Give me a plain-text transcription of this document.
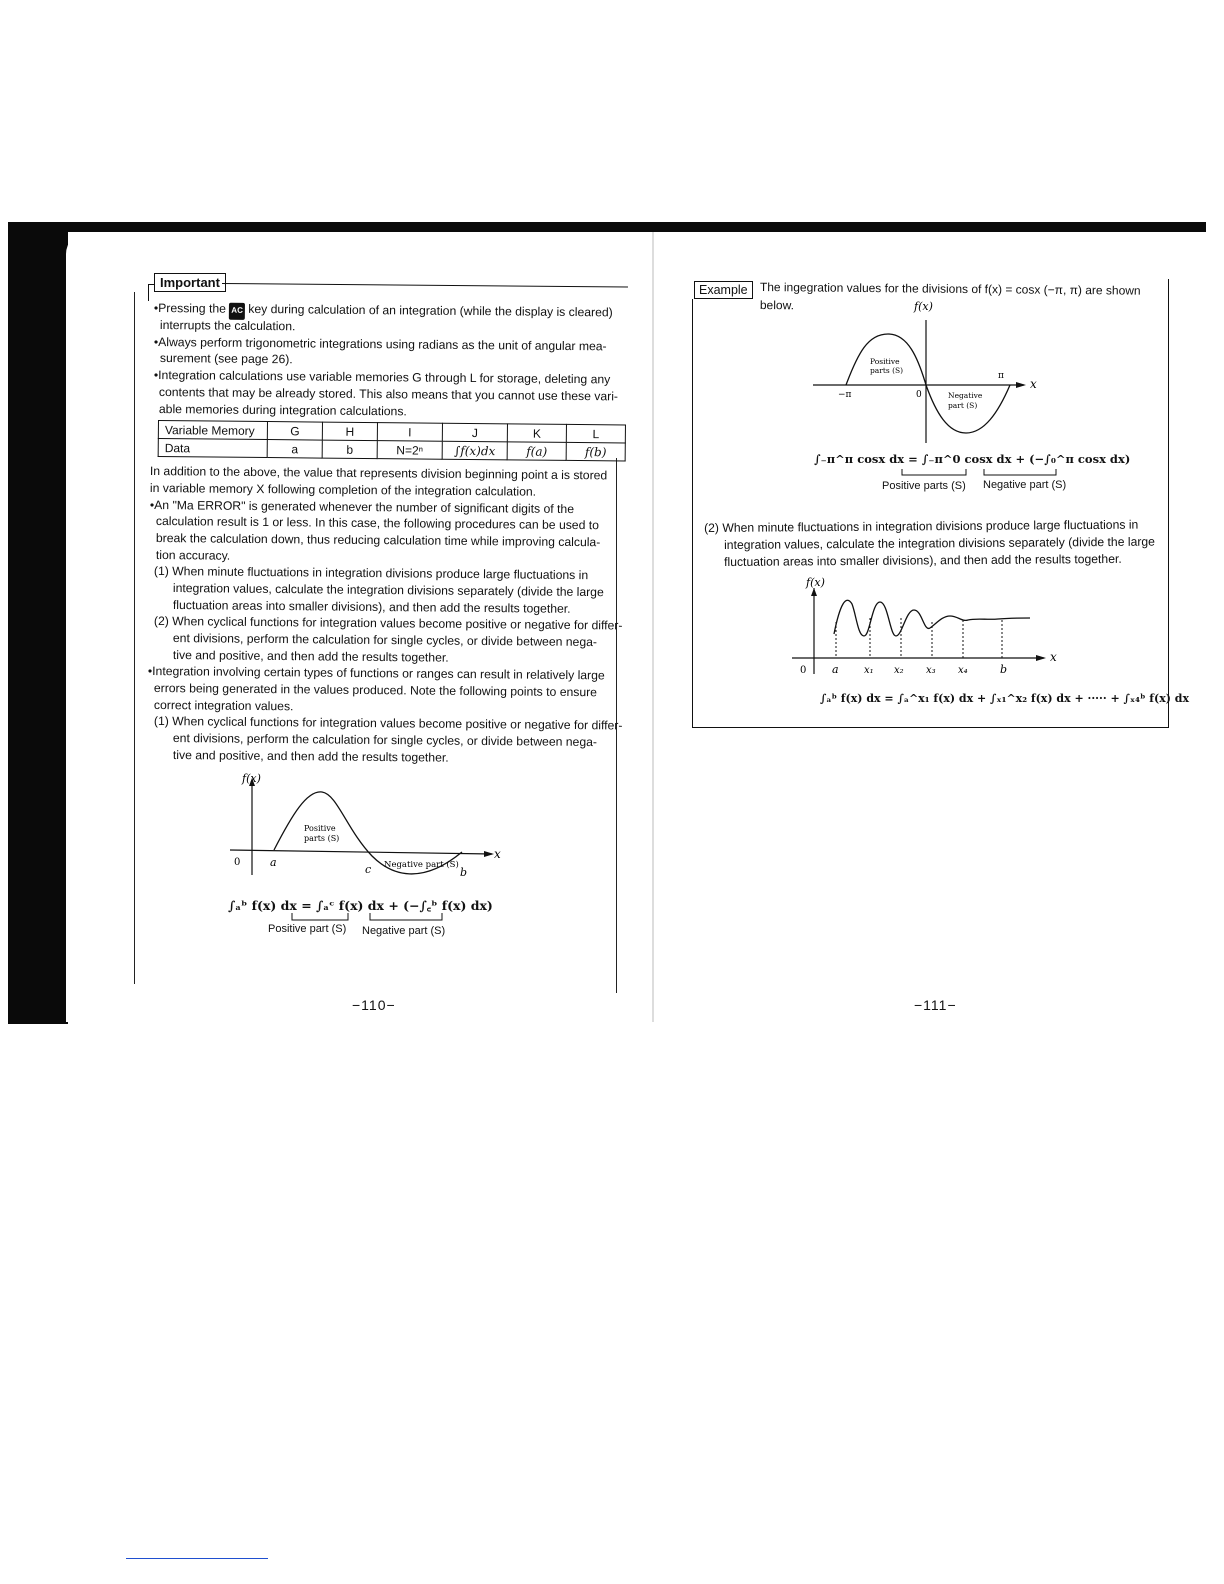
Important
•Pressing the AC key during calculation of an integration (while the display is cleared)
interrupts the calculation.
•Always perform trigonometric integrations using radians as the unit of angular mea-
surement (see page 26).
•Integration calculations use variable memories G through L for storage, deleting any
contents that may be already stored. This also means that you cannot use these vari-
able memories during integration calculations.
Variable Memory	G	H	I	J	K	L
Data	a	b	N=2ⁿ	∫f(x)dx	f(a)	f(b)
In addition to the above, the value that represents division beginning point a is stored
in variable memory X following completion of the integration calculation.
•An "Ma ERROR" is generated whenever the number of significant digits of the
calculation result is 1 or less. In this case, the following procedures can be used to
break the calculation down, thus reducing calculation time while improving calcula-
tion accuracy.
(1) When minute fluctuations in integration divisions produce large fluctuations in
integration values, calculate the integration divisions separately (divide the large
fluctuation areas into smaller divisions), and then add the results together.
(2) When cyclical functions for integration values become positive or negative for differ-
ent divisions, perform the calculation for single cycles, or divide between nega-
tive and positive, and then add the results together.
•Integration involving certain types of functions or ranges can result in relatively large
errors being generated in the values produced. Note the following points to ensure
correct integration values.
(1) When cyclical functions for integration values become positive or negative for differ-
ent divisions, perform the calculation for single cycles, or divide between nega-
tive and positive, and then add the results together.
f(x)
x
0	a
c	b
Positive
parts (S)
Negative part (S)
∫ₐᵇ f(x) dx = ∫ₐᶜ f(x) dx + (−∫꜀ᵇ f(x) dx)
Positive part (S) Negative part (S)
−110−
Example	The ingegration values for the divisions of f(x) = cosx (−π, π) are shown
below.	f(x)
x
0
−π
π
Positive
parts (S)
Negative
part (S)
∫₋π^π cosx dx = ∫₋π^0 cosx dx + (−∫₀^π cosx dx)
Positive parts (S) Negative part (S)
(2) When minute fluctuations in integration divisions produce large fluctuations in
integration values, calculate the integration divisions separately (divide the large
fluctuation areas into smaller divisions), and then add the results together.
f(x)
x
0 a	x₁ x₂ x₃ x₄	b
∫ₐᵇ f(x) dx = ∫ₐ^x₁ f(x) dx + ∫ₓ₁^x₂ f(x) dx + ····· + ∫ₓ₄ᵇ f(x) dx
−111−
